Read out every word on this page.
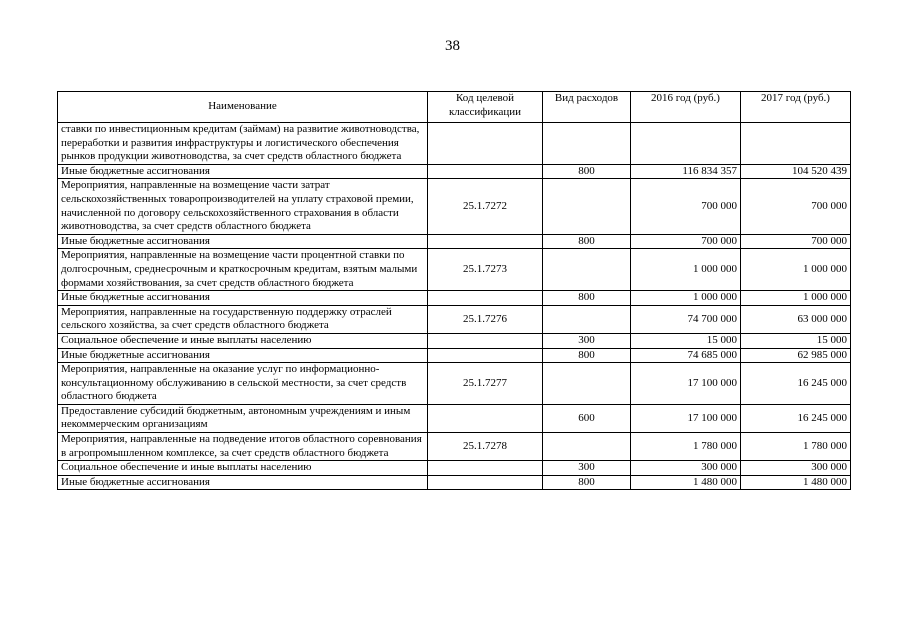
38
Наименование	Код целевой классификации	Вид расходов	2016 год (руб.)	2017 год (руб.)
ставки по инвестиционным кредитам (займам) на развитие животноводства, переработки и развития инфраструктуры и логистического обеспечения рынков продукции животноводства, за счет средств областного бюджета				
Иные бюджетные ассигнования		800	116 834 357	104 520 439
Мероприятия, направленные на возмещение части затрат сельскохозяйственных товаропроизводителей на уплату страховой премии, начисленной по договору сельскохозяйственного страхования в области животноводства, за счет средств областного бюджета	25.1.7272		700 000	700 000
Иные бюджетные ассигнования		800	700 000	700 000
Мероприятия, направленные на возмещение части процентной ставки по долгосрочным, среднесрочным и краткосрочным кредитам, взятым малыми формами хозяйствования, за счет средств областного бюджета	25.1.7273		1 000 000	1 000 000
Иные бюджетные ассигнования		800	1 000 000	1 000 000
Мероприятия, направленные на государственную поддержку отраслей сельского хозяйства, за счет средств областного бюджета	25.1.7276		74 700 000	63 000 000
Социальное обеспечение и иные выплаты населению		300	15 000	15 000
Иные бюджетные ассигнования		800	74 685 000	62 985 000
Мероприятия, направленные на оказание услуг по информационно-консультационному обслуживанию в сельской местности, за счет средств областного бюджета	25.1.7277		17 100 000	16 245 000
Предоставление субсидий бюджетным, автономным учреждениям и иным некоммерческим организациям		600	17 100 000	16 245 000
Мероприятия, направленные на подведение итогов областного соревнования в агропромышленном комплексе, за счет средств областного бюджета	25.1.7278		1 780 000	1 780 000
Социальное обеспечение и иные выплаты населению		300	300 000	300 000
Иные бюджетные ассигнования		800	1 480 000	1 480 000
